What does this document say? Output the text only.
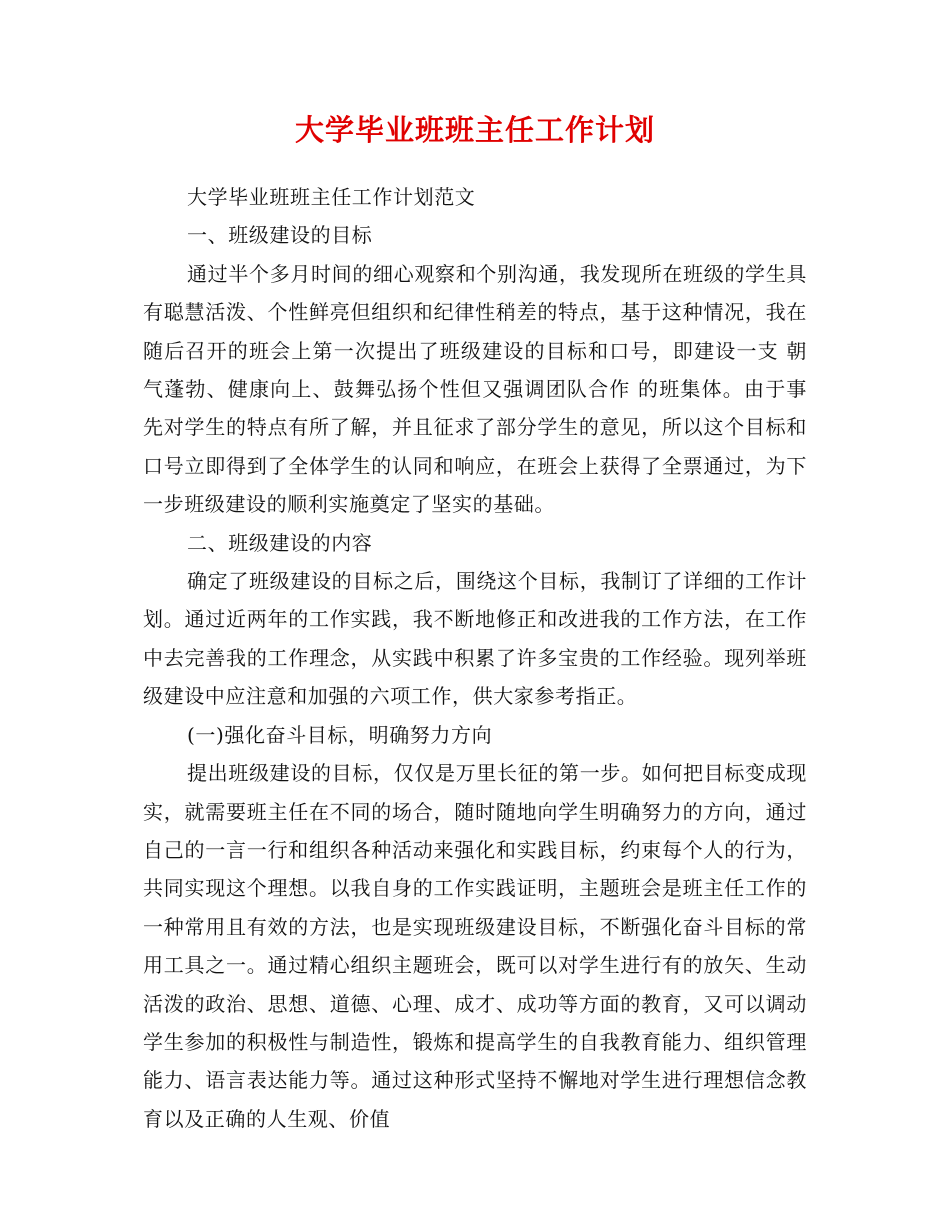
大学毕业班班主任工作计划

大学毕业班班主任工作计划范文

一、班级建设的目标

通过半个多月时间的细心观察和个别沟通，我发现所在班级的学生具有聪慧活泼、个性鲜亮但组织和纪律性稍差的特点，基于这种情况，我在随后召开的班会上第一次提出了班级建设的目标和口号，即建设一支 朝气蓬勃、健康向上、鼓舞弘扬个性但又强调团队合作 的班集体。由于事先对学生的特点有所了解，并且征求了部分学生的意见，所以这个目标和口号立即得到了全体学生的认同和响应，在班会上获得了全票通过，为下一步班级建设的顺利实施奠定了坚实的基础。

二、班级建设的内容

确定了班级建设的目标之后，围绕这个目标，我制订了详细的工作计划。通过近两年的工作实践，我不断地修正和改进我的工作方法，在工作中去完善我的工作理念，从实践中积累了许多宝贵的工作经验。现列举班级建设中应注意和加强的六项工作，供大家参考指正。

(一)强化奋斗目标，明确努力方向

提出班级建设的目标，仅仅是万里长征的第一步。如何把目标变成现实，就需要班主任在不同的场合，随时随地向学生明确努力的方向，通过自己的一言一行和组织各种活动来强化和实践目标，约束每个人的行为，共同实现这个理想。以我自身的工作实践证明，主题班会是班主任工作的一种常用且有效的方法，也是实现班级建设目标，不断强化奋斗目标的常用工具之一。通过精心组织主题班会，既可以对学生进行有的放矢、生动活泼的政治、思想、道德、心理、成才、成功等方面的教育，又可以调动学生参加的积极性与制造性，锻炼和提高学生的自我教育能力、组织管理能力、语言表达能力等。通过这种形式坚持不懈地对学生进行理想信念教育以及正确的人生观、价值
